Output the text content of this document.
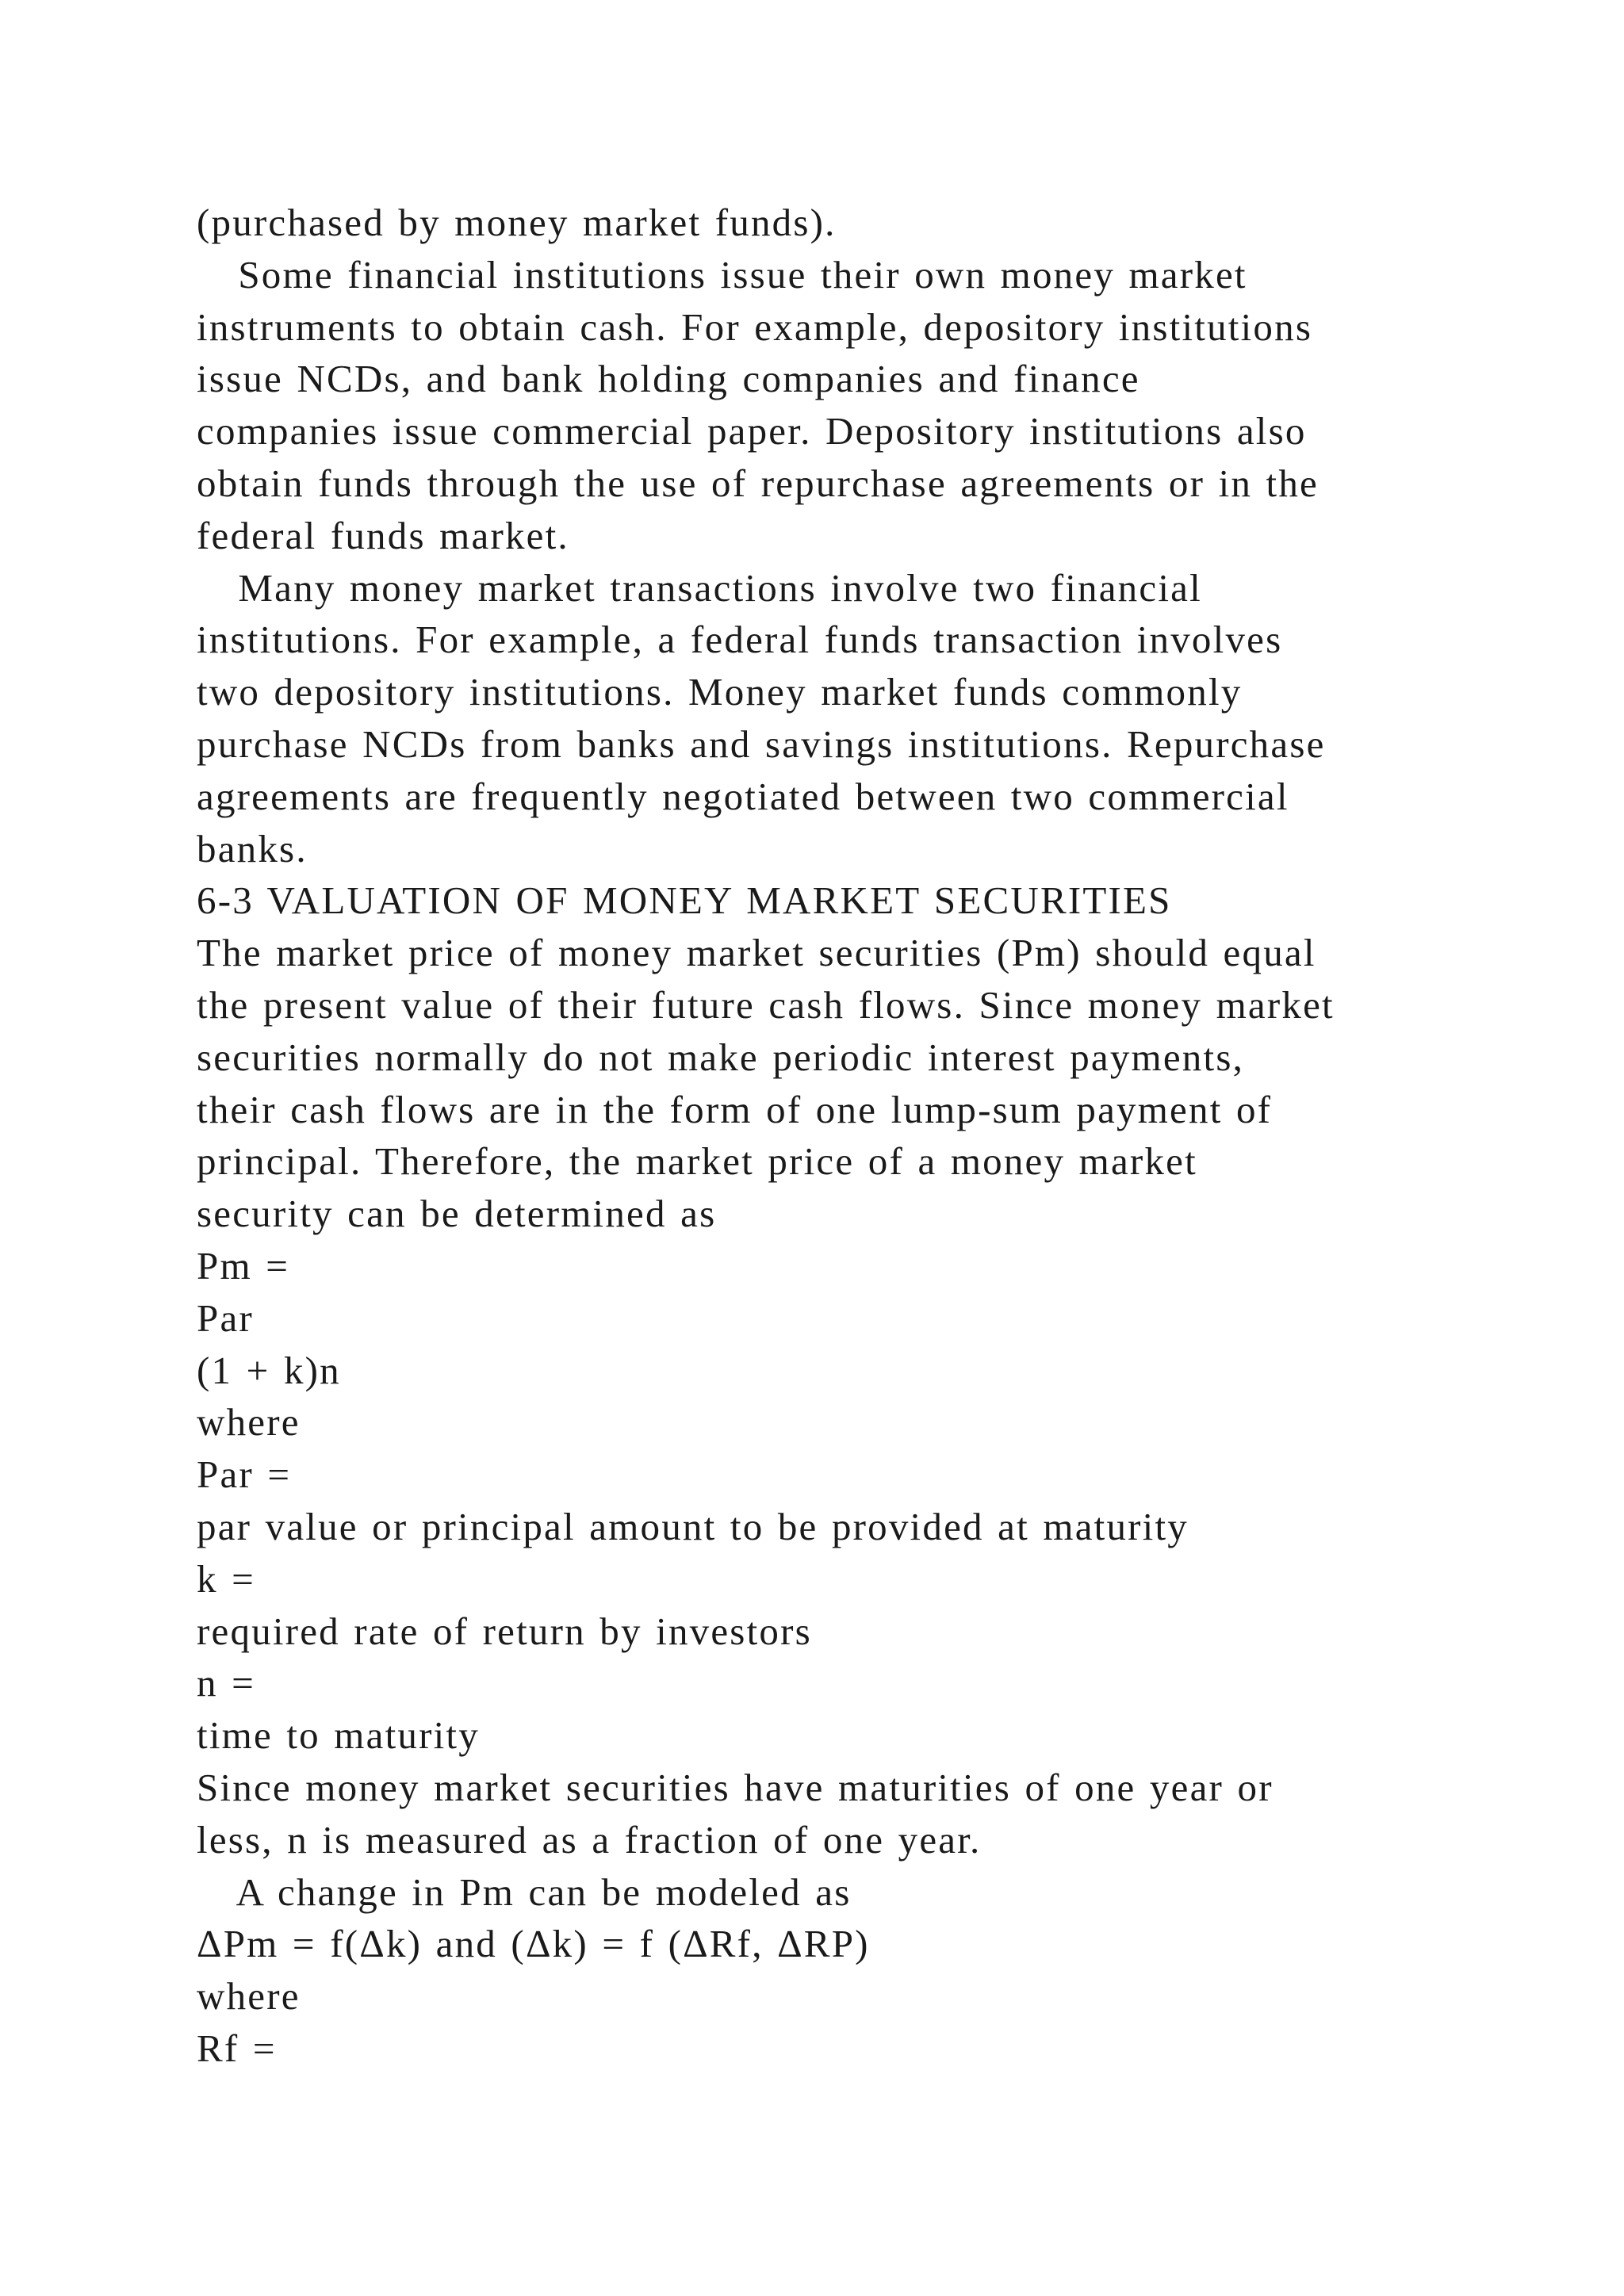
(purchased by money market funds).
Some financial institutions issue their own money market
instruments to obtain cash. For example, depository institutions
issue NCDs, and bank holding companies and finance
companies issue commercial paper. Depository institutions also
obtain funds through the use of repurchase agreements or in the
federal funds market.
Many money market transactions involve two financial
institutions. For example, a federal funds transaction involves
two depository institutions. Money market funds commonly
purchase NCDs from banks and savings institutions. Repurchase
agreements are frequently negotiated between two commercial
banks.
6-3 VALUATION OF MONEY MARKET SECURITIES
The market price of money market securities (Pm) should equal
the present value of their future cash flows. Since money market
securities normally do not make periodic interest payments,
their cash flows are in the form of one lump-sum payment of
principal. Therefore, the market price of a money market
security can be determined as
Pm =
Par
(1 + k)n
where
Par =
par value or principal amount to be provided at maturity
k =
required rate of return by investors
n =
time to maturity
Since money market securities have maturities of one year or
less, n is measured as a fraction of one year.
A change in Pm can be modeled as
ΔPm = f(Δk) and (Δk) = f (ΔRf, ΔRP)
where
Rf =
